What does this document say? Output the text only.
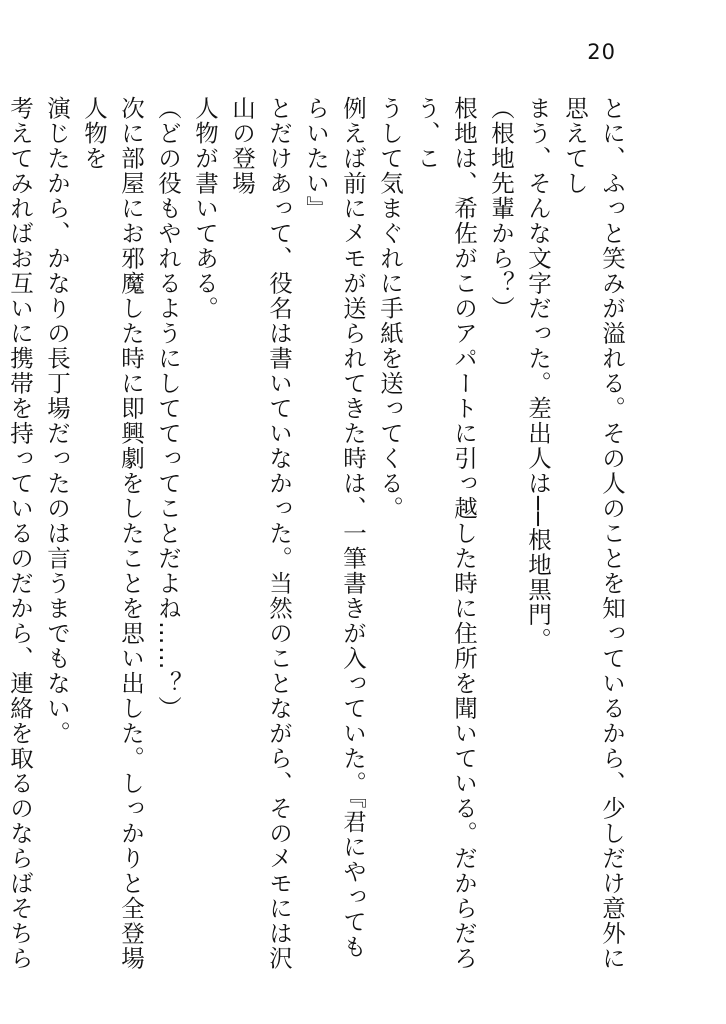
20

とに、ふっと笑みが溢れる。その人のことを知っているから、少しだけ意外に思えてし

まう、そんな文字だった。差出人は──根地黒門。

（根地先輩から？）

根地は、希佐がこのアパートに引っ越した時に住所を聞いている。だからだろう、こ

うして気まぐれに手紙を送ってくる。

例えば前にメモが送られてきた時は、一筆書きが入っていた。『君にやってもらいたい』

とだけあって、役名は書いていなかった。当然のことながら、そのメモには沢山の登場

人物が書いてある。

（どの役もやれるようにしててってことだよね……？）

次に部屋にお邪魔した時に即興劇をしたことを思い出した。しっかりと全登場人物を

演じたから、かなりの長丁場だったのは言うまでもない。

考えてみればお互いに携帯を持っているのだから、連絡を取るのならばそちら
